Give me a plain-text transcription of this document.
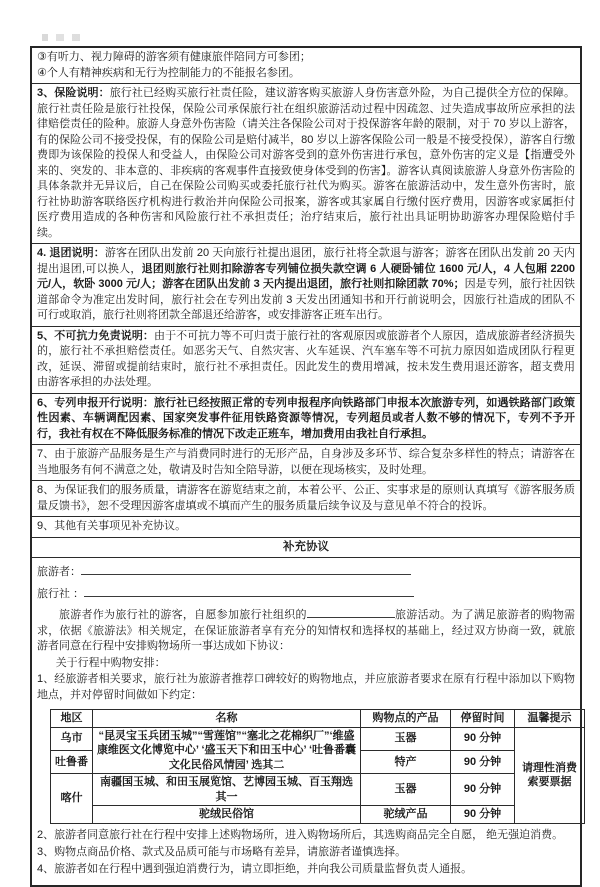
③有听力、视力障碍的游客须有健康旅伴陪同方可参团；
④个人有精神疾病和无行为控制能力的不能报名参团。
3、保险说明：旅行社已经购买旅行社责任险，建议游客购买旅游人身伤害意外险，为自己提供全方位的保障。旅行社责任险是旅行社投保，保险公司承保旅行社在组织旅游活动过程中因疏忽、过失造成事故所应承担的法律赔偿责任的险种。旅游人身意外伤害险（请关注各保险公司对于投保游客年龄的限制，对于 70 岁以上游客，有的保险公司不接受投保，有的保险公司是赔付减半，80 岁以上游客保险公司一般是不接受投保），游客自行缴费即为该保险的投保人和受益人，由保险公司对游客受到的意外伤害进行承包，意外伤害的定义是【指遭受外来的、突发的、非本意的、非疾病的客观事件直接致使身体受到的伤害】。游客认真阅读旅游人身意外伤害险的具体条款并无异议后，自己在保险公司购买或委托旅行社代为购买。游客在旅游活动中，发生意外伤害时，旅行社协助游客联络医疗机构进行救治并向保险公司报案，游客或其家属自行缴付医疗费用，因游客或家属拒付医疗费用造成的各种伤害和风险旅行社不承担责任；治疗结束后，旅行社出具证明协助游客办理保险赔付手续。
4. 退团说明：游客在团队出发前 20 天向旅行社提出退团，旅行社将全款退与游客；游客在团队出发前 20 天内提出退团,可以换人，退团则旅行社则扣除游客专列铺位损失款空调 6 人硬卧铺位 1600 元/人，4 人包厢 2200 元/人，软卧 3000 元/人；游客在团队出发前 3 天内提出退团，旅行社则扣除团款 70%；因是专列，旅行社因铁道部命令为准定出发时间，旅行社会在专列出发前 3 天发出团通知书和开行前说明会，因旅行社造成的团队不可行或取消，旅行社则将团款全部退还给游客，或安排游客正班车出行。
5、不可抗力免责说明：由于不可抗力等不可归责于旅行社的客观原因或旅游者个人原因，造成旅游者经济损失的，旅行社不承担赔偿责任。如恶劣天气、自然灾害、火车延误、汽车塞车等不可抗力原因如造成团队行程更改，延误、滞留或提前结束时，旅行社不承担责任。因此发生的费用增减，按未发生费用退还游客，超支费用由游客承担的办法处理。
6、专列申报开行说明：旅行社已经按照正常的专列申报程序向铁路部门申报本次旅游专列，如遇铁路部门政策性因素、车辆调配因素、国家突发事件征用铁路资源等情况，专列超员或者人数不够的情况下，专列不予开行，我社有权在不降低服务标准的情况下改走正班车，增加费用由我社自行承担。
7、由于旅游产品服务是生产与消费同时进行的无形产品，自身涉及多环节、综合复杂多样性的特点；请游客在当地服务有何不满意之处，敬请及时告知全陪导游，以便在现场核实，及时处理。
8、为保证我们的服务质量，请游客在游览结束之前，本着公平、公正、实事求是的原则认真填写《游客服务质量反馈书》，恕不受理因游客虚填或不填而产生的服务质量后续争议及与意见单不符合的投诉。
9、其他有关事项见补充协议。
补充协议
旅游者：
旅行社 ：
旅游者作为旅行社的游客，自愿参加旅行社组织的	旅游活动。为了满足旅游者的购物需求，依据《旅游法》相关规定，在保证旅游者享有充分的知情权和选择权的基础上，经过双方协商一致，就旅游者同意在行程中安排购物场所一事达成如下协议：
关于行程中购物安排：
1、经旅游者相关要求，旅行社为旅游者推荐口碑较好的购物地点，并应旅游者要求在原有行程中添加以下购物地点，并对停留时间做如下约定：
地区	名称	购物点的产品	停留时间	温馨提示
乌市	“昆灵宝玉兵团玉城”“雪莲馆”“塞北之花棉织厂”‘维盛康维医文化博览中心’ ‘盛玉天下和田玉中心’ ‘吐鲁番囊文化民俗风情园’ 选其二	玉器	90 分钟	请理性消费
索要票据

吐鲁番		特产	90 分钟	
喀什	南疆国玉城、和田玉展览馆、艺博园玉城、百玉翔选其一	玉器	90 分钟	
	驼绒民俗馆	驼绒产品	90 分钟	
2、旅游者同意旅行社在行程中安排上述购物场所，进入购物场所后，其选购商品完全自愿， 绝无强迫消费。
3、购物点商品价格、款式及品质可能与市场略有差异，请旅游者谨慎选择。
4、旅游者如在行程中遇到强迫消费行为，请立即拒绝，并向我公司质量监督负责人通报。
